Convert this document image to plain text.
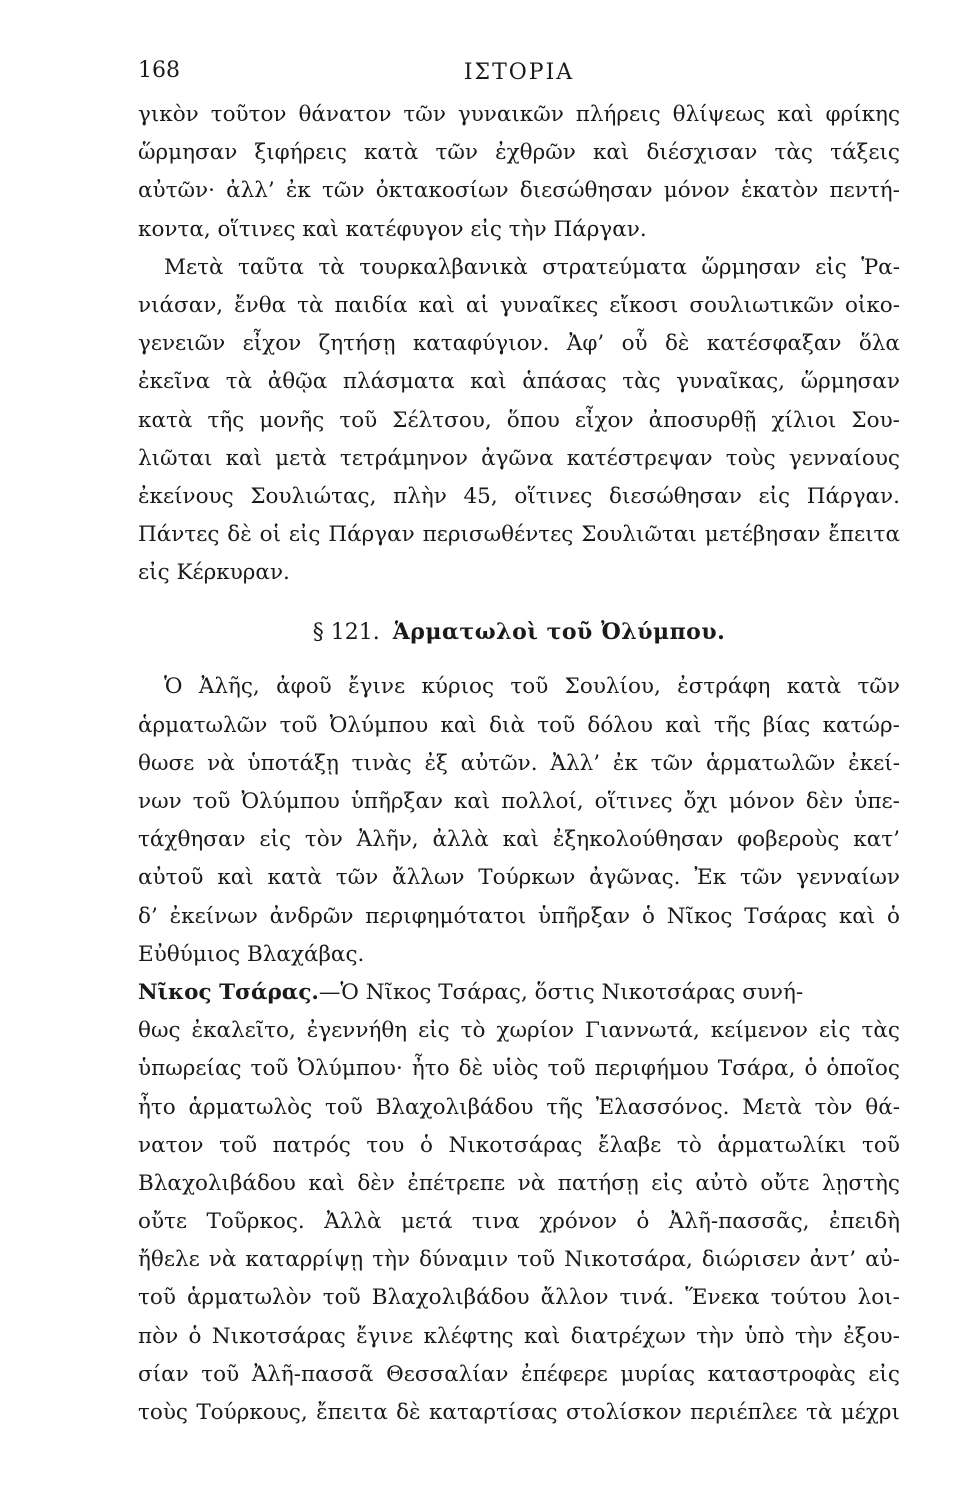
168	ΙΣΤΟΡΙΑ
γικὸν τοῦτον θάνατον τῶν γυναικῶν πλήρεις θλίψεως καὶ φρίκης
ὥρμησαν ξιφήρεις κατὰ τῶν ἐχθρῶν καὶ διέσχισαν τὰς τάξεις
αὐτῶν· ἀλλ’ ἐκ τῶν ὀκτακοσίων διεσώθησαν μόνον ἑκατὸν πεντή-
κοντα, οἵτινες καὶ κατέφυγον εἰς τὴν Πάργαν.
Μετὰ ταῦτα τὰ τουρκαλβανικὰ στρατεύματα ὥρμησαν εἰς Ῥα-
νιάσαν, ἔνθα τὰ παιδία καὶ αἱ γυναῖκες εἴκοσι σουλιωτικῶν οἰκο-
γενειῶν εἶχον ζητήσῃ καταφύγιον. Ἀφ’ οὗ δὲ κατέσφαξαν ὅλα
ἐκεῖνα τὰ ἀθῷα πλάσματα καὶ ἁπάσας τὰς γυναῖκας, ὥρμησαν
κατὰ τῆς μονῆς τοῦ Σέλτσου, ὅπου εἶχον ἀποσυρθῇ χίλιοι Σου-
λιῶται καὶ μετὰ τετράμηνον ἀγῶνα κατέστρεψαν τοὺς γενναίους
ἐκείνους Σουλιώτας, πλὴν 45, οἵτινες διεσώθησαν εἰς Πάργαν.
Πάντες δὲ οἱ εἰς Πάργαν περισωθέντες Σουλιῶται μετέβησαν ἔπειτα
εἰς Κέρκυραν.
§ 121. Ἁρματωλοὶ τοῦ Ὀλύμπου.
Ὁ Ἀλῆς, ἀφοῦ ἔγινε κύριος τοῦ Σουλίου, ἐστράφη κατὰ τῶν
ἁρματωλῶν τοῦ Ὀλύμπου καὶ διὰ τοῦ δόλου καὶ τῆς βίας κατώρ-
θωσε νὰ ὑποτάξῃ τινὰς ἐξ αὐτῶν. Ἀλλ’ ἐκ τῶν ἁρματωλῶν ἐκεί-
νων τοῦ Ὀλύμπου ὑπῆρξαν καὶ πολλοί, οἵτινες ὄχι μόνον δὲν ὑπε-
τάχθησαν εἰς τὸν Ἀλῆν, ἀλλὰ καὶ ἐξηκολούθησαν φοβεροὺς κατ’
αὐτοῦ καὶ κατὰ τῶν ἄλλων Τούρκων ἀγῶνας. Ἐκ τῶν γενναίων
δ’ ἐκείνων ἀνδρῶν περιφημότατοι ὑπῆρξαν ὁ Νῖκος Τσάρας καὶ ὁ
Εὐθύμιος Βλαχάβας.
Νῖκος Τσάρας.—Ὁ Νῖκος Τσάρας, ὅστις Νικοτσάρας συνή-
θως ἐκαλεῖτο, ἐγεννήθη εἰς τὸ χωρίον Γιαννωτά, κείμενον εἰς τὰς
ὑπωρείας τοῦ Ὀλύμπου· ἦτο δὲ υἱὸς τοῦ περιφήμου Τσάρα, ὁ ὁποῖος
ἦτο ἁρματωλὸς τοῦ Βλαχολιβάδου τῆς Ἐλασσόνος. Μετὰ τὸν θά-
νατον τοῦ πατρός του ὁ Νικοτσάρας ἔλαβε τὸ ἁρματωλίκι τοῦ
Βλαχολιβάδου καὶ δὲν ἐπέτρεπε νὰ πατήσῃ εἰς αὐτὸ οὔτε λῃστὴς
οὔτε Τοῦρκος. Ἀλλὰ μετά τινα χρόνον ὁ Ἀλῆ-πασσᾶς, ἐπειδὴ
ἤθελε νὰ καταρρίψῃ τὴν δύναμιν τοῦ Νικοτσάρα, διώρισεν ἀντ’ αὐ-
τοῦ ἁρματωλὸν τοῦ Βλαχολιβάδου ἄλλον τινά. Ἕνεκα τούτου λοι-
πὸν ὁ Νικοτσάρας ἔγινε κλέφτης καὶ διατρέχων τὴν ὑπὸ τὴν ἐξου-
σίαν τοῦ Ἀλῆ-πασσᾶ Θεσσαλίαν ἐπέφερε μυρίας καταστροφὰς εἰς
τοὺς Τούρκους, ἔπειτα δὲ καταρτίσας στολίσκον περιέπλεε τὰ μέχρι
